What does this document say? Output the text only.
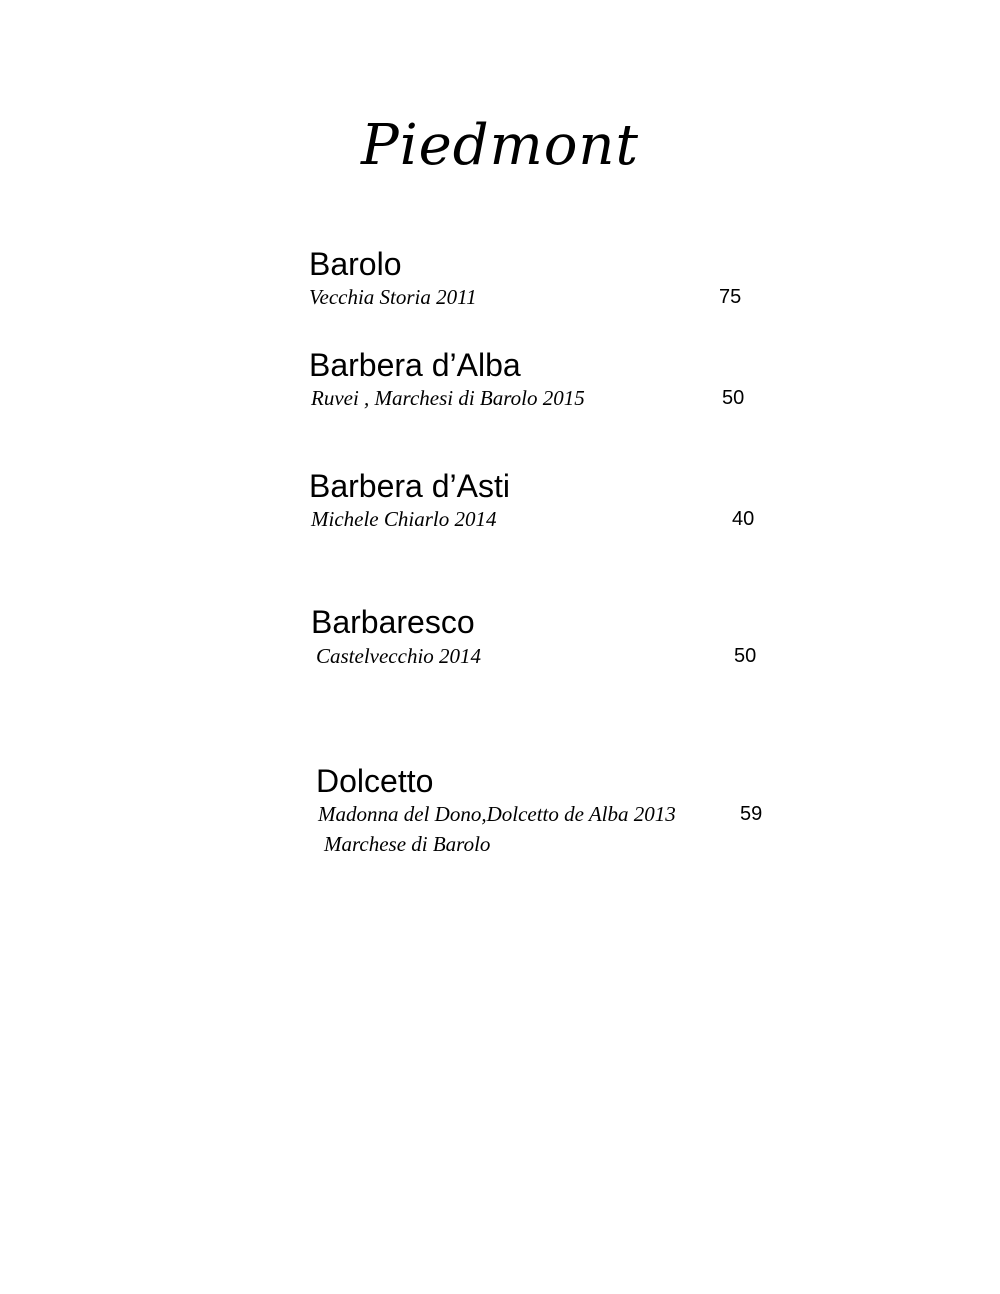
Piedmont
Barolo
Vecchia Storia 2011	75
Barbera d’Alba
Ruvei , Marchesi di Barolo 2015	50
Barbera d’Asti
Michele Chiarlo 2014	40
Barbaresco
Castelvecchio 2014	50
Dolcetto
Madonna del Dono,Dolcetto de Alba 2013	59
Marchese di Barolo
